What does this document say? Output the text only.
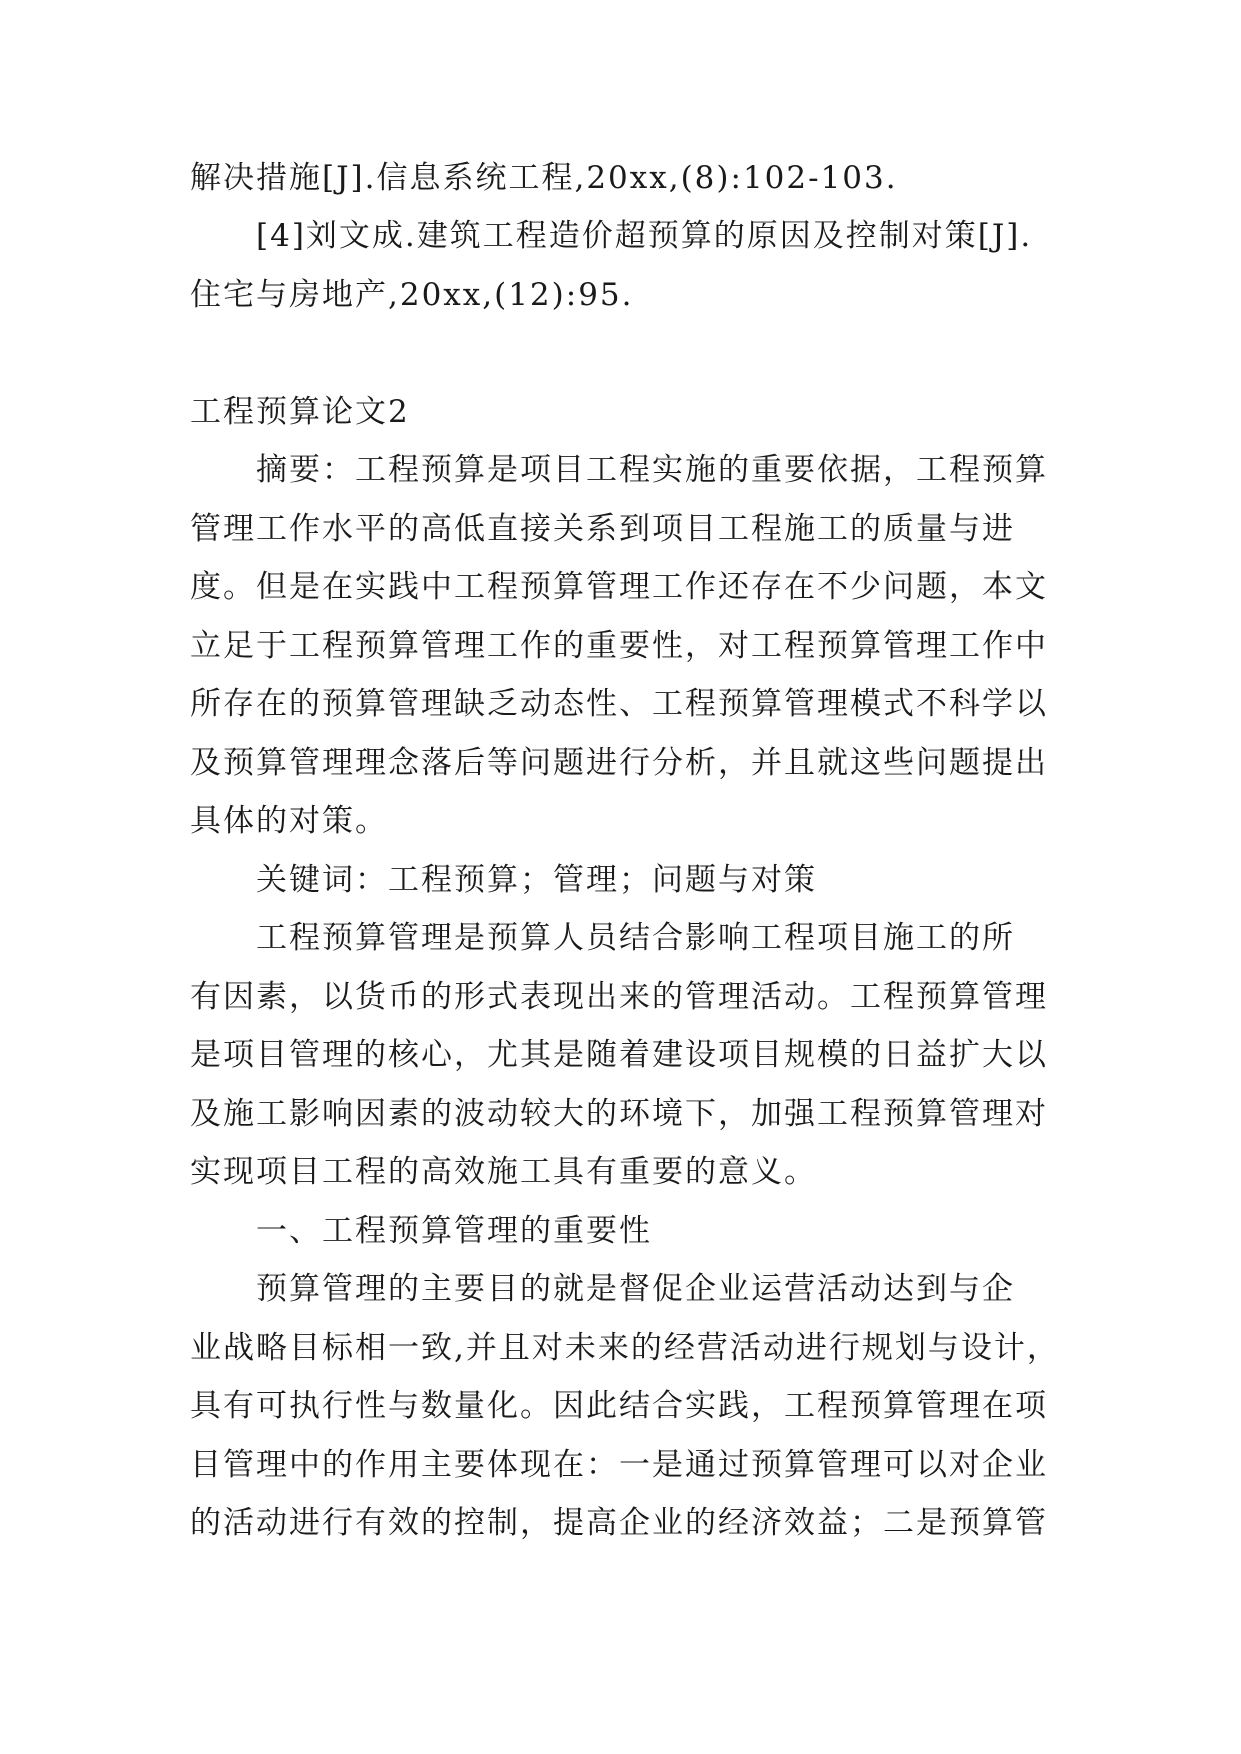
解决措施[J].信息系统工程,20xx,(8):102-103.
[4]刘文成.建筑工程造价超预算的原因及控制对策[J].
住宅与房地产,20xx,(12):95.
工程预算论文2
摘要：工程预算是项目工程实施的重要依据，工程预算
管理工作水平的高低直接关系到项目工程施工的质量与进
度。但是在实践中工程预算管理工作还存在不少问题，本文
立足于工程预算管理工作的重要性，对工程预算管理工作中
所存在的预算管理缺乏动态性、工程预算管理模式不科学以
及预算管理理念落后等问题进行分析，并且就这些问题提出
具体的对策。
关键词：工程预算；管理；问题与对策
工程预算管理是预算人员结合影响工程项目施工的所
有因素，以货币的形式表现出来的管理活动。工程预算管理
是项目管理的核心，尤其是随着建设项目规模的日益扩大以
及施工影响因素的波动较大的环境下，加强工程预算管理对
实现项目工程的高效施工具有重要的意义。
一、工程预算管理的重要性
预算管理的主要目的就是督促企业运营活动达到与企
业战略目标相一致,并且对未来的经营活动进行规划与设计，
具有可执行性与数量化。因此结合实践，工程预算管理在项
目管理中的作用主要体现在：一是通过预算管理可以对企业
的活动进行有效的控制，提高企业的经济效益；二是预算管
